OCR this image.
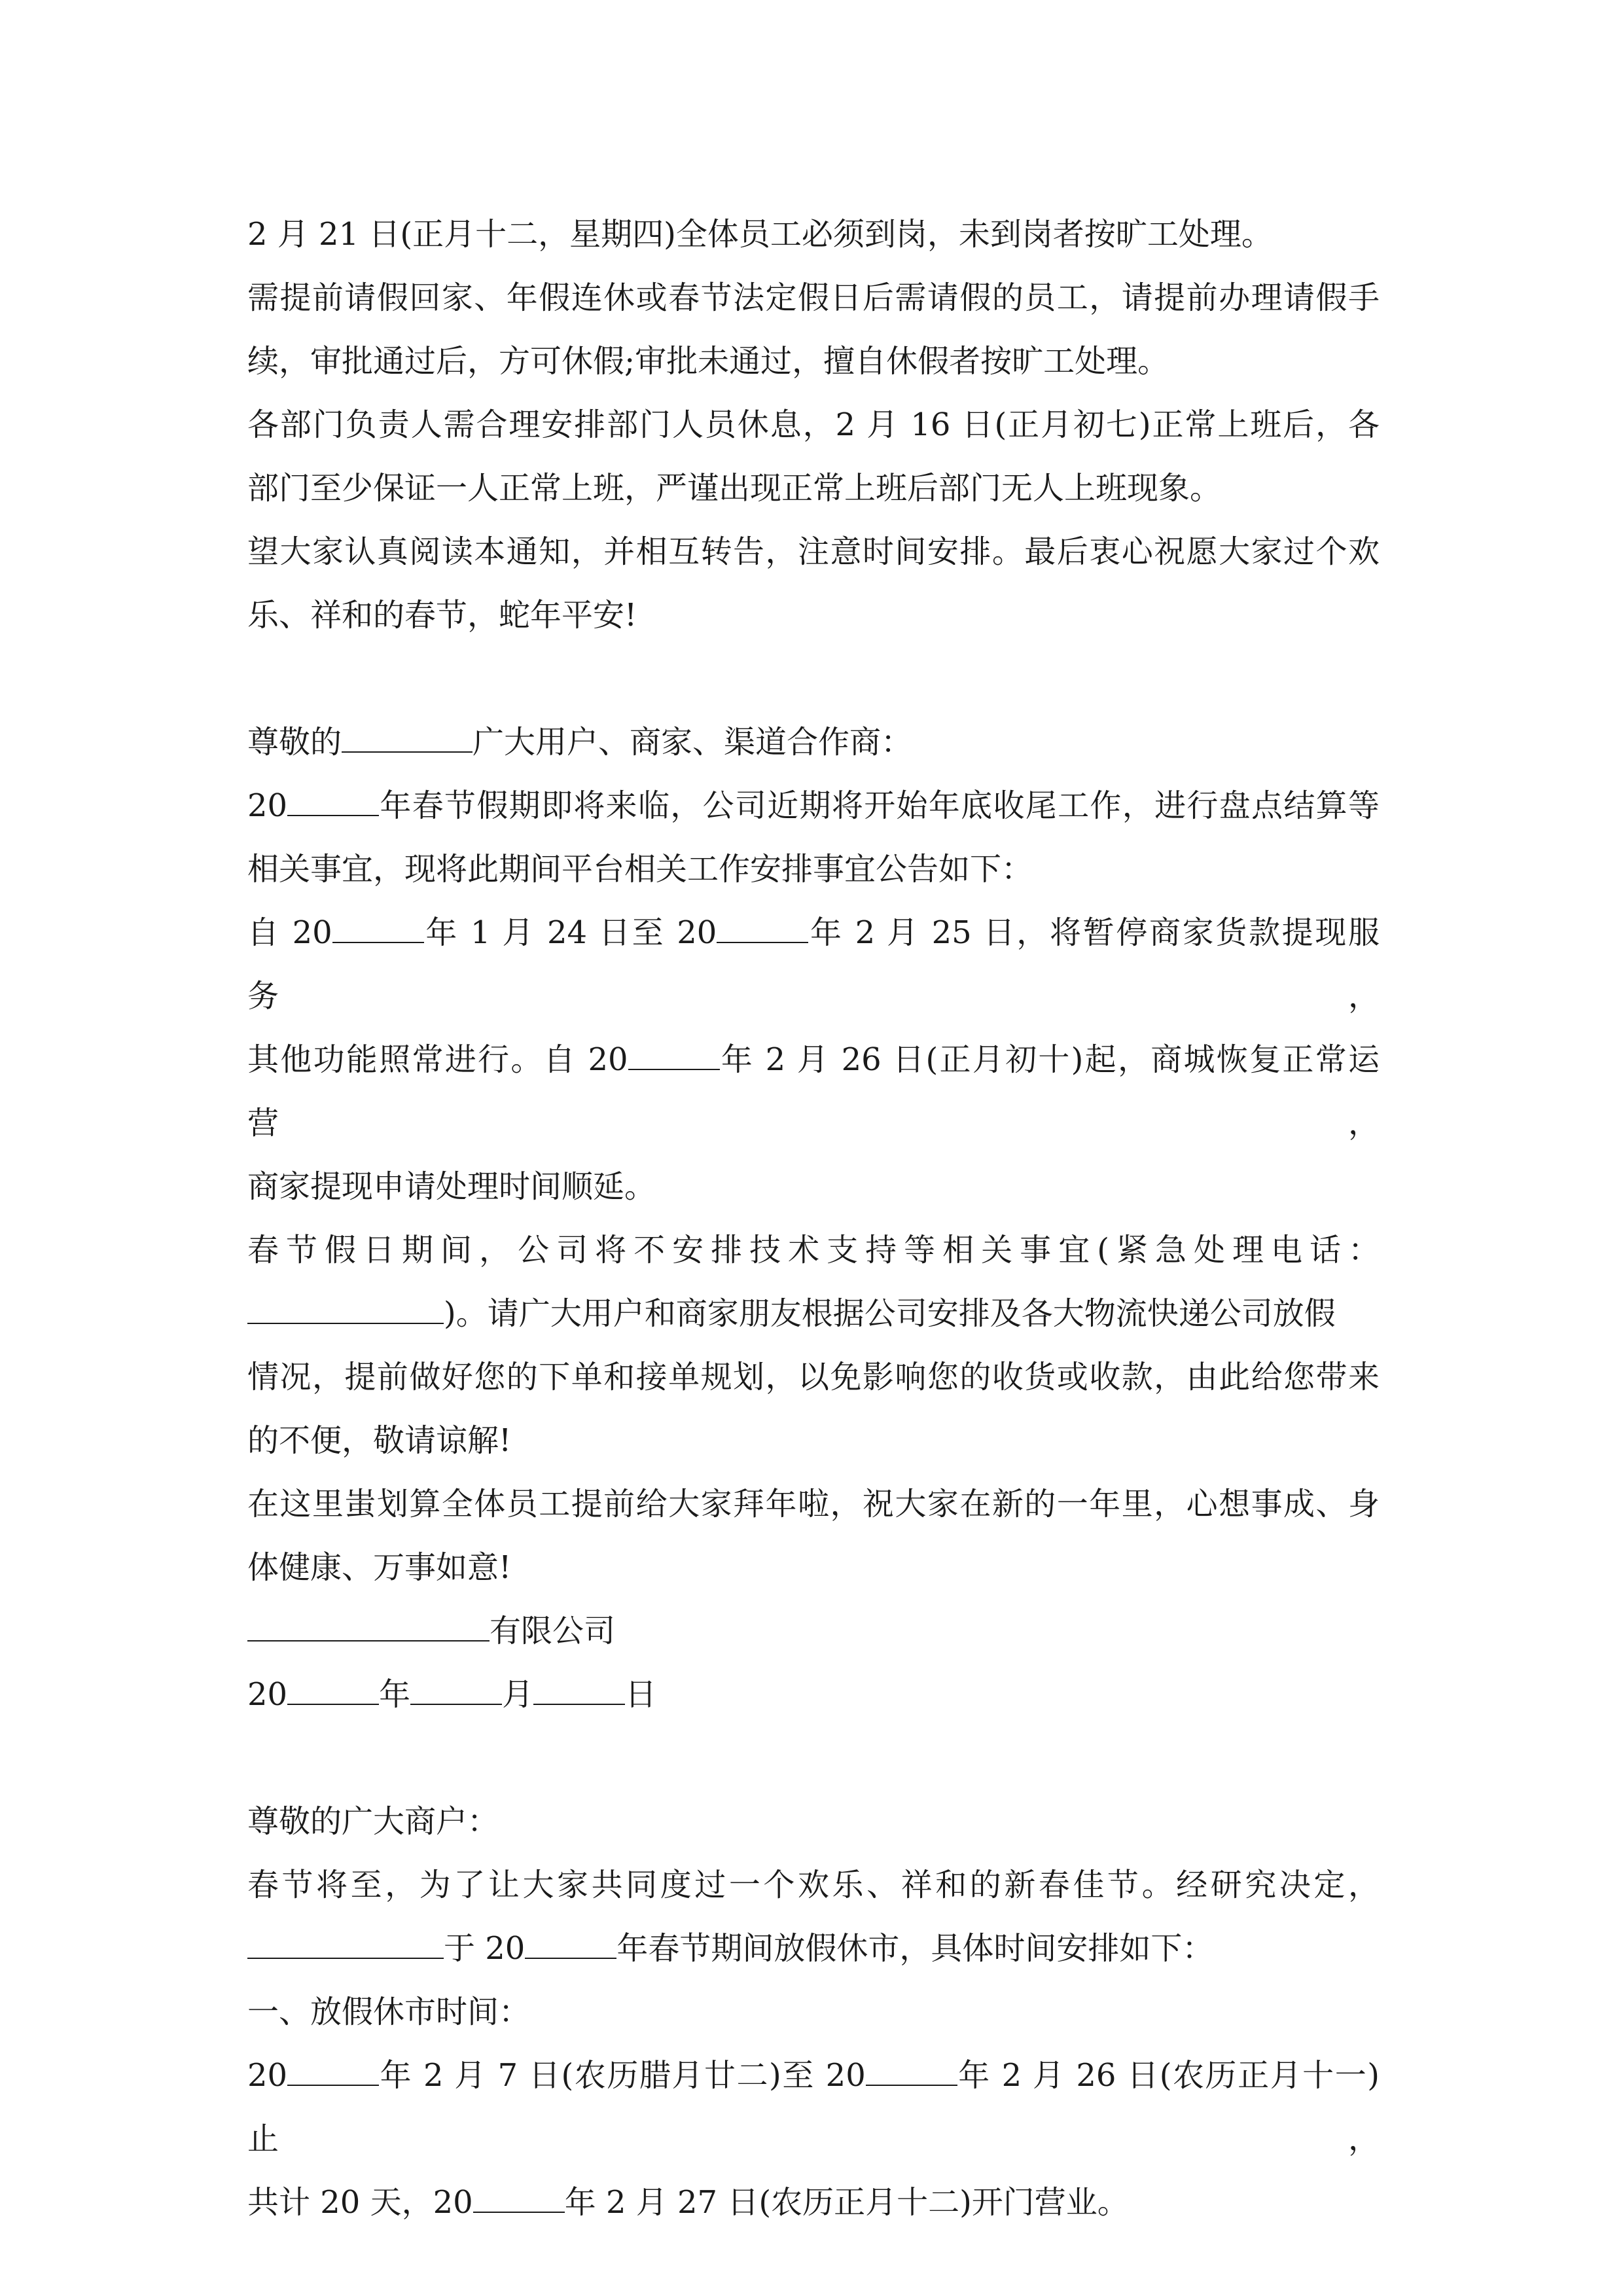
2 月 21 日(正月十二，星期四)全体员工必须到岗，未到岗者按旷工处理。

需提前请假回家、年假连休或春节法定假日后需请假的员工，请提前办理请假手

续，审批通过后，方可休假;审批未通过，擅自休假者按旷工处理。

各部门负责人需合理安排部门人员休息，2 月 16 日(正月初七)正常上班后，各

部门至少保证一人正常上班，严谨出现正常上班后部门无人上班现象。

望大家认真阅读本通知，并相互转告，注意时间安排。最后衷心祝愿大家过个欢

乐、祥和的春节，蛇年平安!

尊敬的	广大用户、商家、渠道合作商：

20	年春节假期即将来临，公司近期将开始年底收尾工作，进行盘点结算等

相关事宜，现将此期间平台相关工作安排事宜公告如下：

自 20	年 1 月 24 日至 20	年 2 月 25 日，将暂停商家货款提现服务，

其他功能照常进行。自 20	年 2 月 26 日(正月初十)起，商城恢复正常运营，

商家提现申请处理时间顺延。

春节假日期间，公司将不安排技术支持等相关事宜(紧急处理电话：

)。请广大用户和商家朋友根据公司安排及各大物流快递公司放假

情况，提前做好您的下单和接单规划，以免影响您的收货或收款，由此给您带来

的不便，敬请谅解!

在这里蚩划算全体员工提前给大家拜年啦，祝大家在新的一年里，心想事成、身

体健康、万事如意!

有限公司

20	年	月	日

尊敬的广大商户：

春节将至，为了让大家共同度过一个欢乐、祥和的新春佳节。经研究决定，

于 20	年春节期间放假休市，具体时间安排如下：

一、放假休市时间：

20	年 2 月 7 日(农历腊月廿二)至 20	年 2 月 26 日(农历正月十一)止，

共计 20 天，20	年 2 月 27 日(农历正月十二)开门营业。
